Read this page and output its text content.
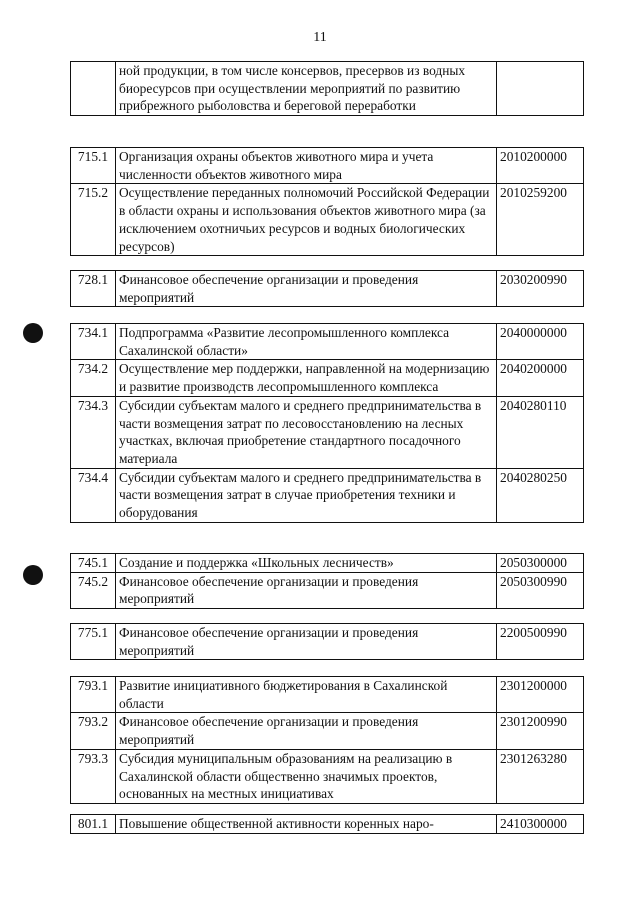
11
	ной продукции, в том числе консервов, пресервов из водных биоресурсов при осуществлении мероприятий по развитию прибрежного рыболовства и береговой переработки	
715.1	Организация охраны объектов животного мира и учета численности объектов животного мира	2010200000
715.2	Осуществление переданных полномочий Российской Федерации в области охраны и использования объектов животного мира (за исключением охотничьих ресурсов и водных биологических ресурсов)	2010259200
728.1	Финансовое обеспечение организации и проведения мероприятий	2030200990
734.1	Подпрограмма «Развитие лесопромышленного комплекса Сахалинской области»	2040000000
734.2	Осуществление мер поддержки, направленной на модернизацию и развитие производств лесопромышленного комплекса	2040200000
734.3	Субсидии субъектам малого и среднего предпринимательства в части возмещения затрат по лесовосстановлению на лесных участках, включая приобретение стандартного посадочного материала	2040280110
734.4	Субсидии субъектам малого и среднего предпринимательства в части возмещения затрат в случае приобретения техники и оборудования	2040280250
745.1	Создание и поддержка «Школьных лесничеств»	2050300000
745.2	Финансовое обеспечение организации и проведения мероприятий	2050300990
775.1	Финансовое обеспечение организации и проведения мероприятий	2200500990
793.1	Развитие инициативного бюджетирования в Сахалинской области	2301200000
793.2	Финансовое обеспечение организации и проведения мероприятий	2301200990
793.3	Субсидия муниципальным образованиям на реализацию в Сахалинской области общественно значимых проектов, основанных на местных инициативах	2301263280
801.1	Повышение общественной активности коренных наро-	2410300000
